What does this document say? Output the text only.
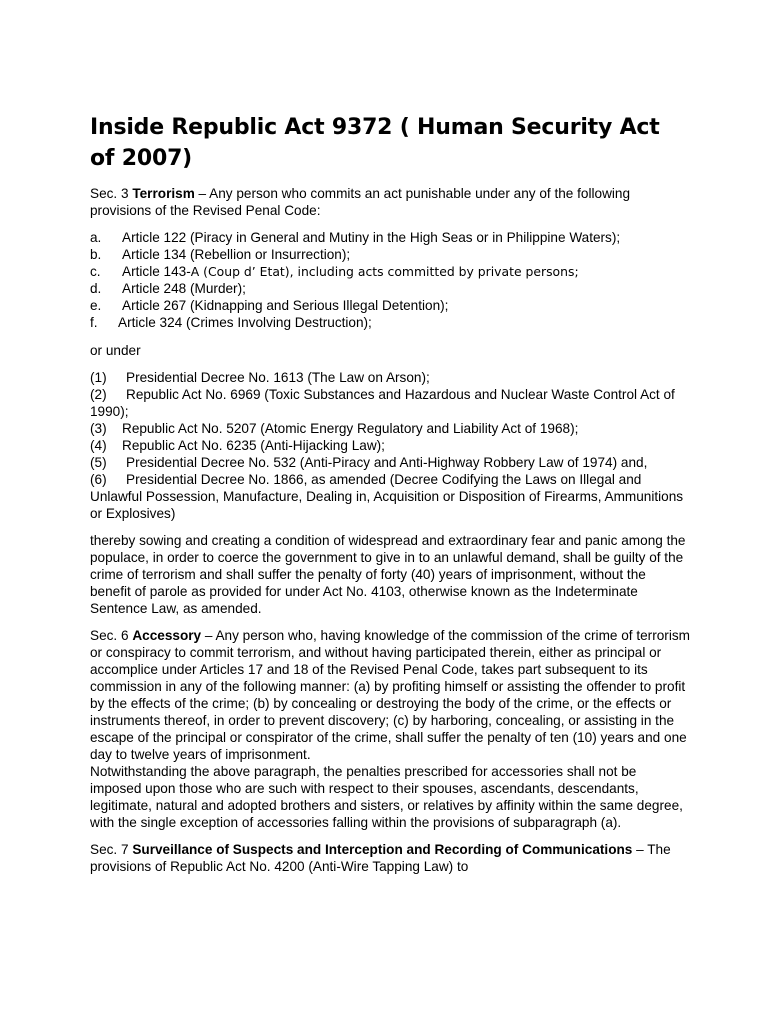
Inside Republic Act 9372 ( Human Security Act of 2007)

Sec. 3 Terrorism – Any person who commits an act punishable under any of the following provisions of the Revised Penal Code:

a. Article 122 (Piracy in General and Mutiny in the High Seas or in Philippine Waters);
b. Article 134 (Rebellion or Insurrection);
c. Article 143-A (Coup d’ Etat), including acts committed by private persons;
d. Article 248 (Murder);
e. Article 267 (Kidnapping and Serious Illegal Detention);
f. Article 324 (Crimes Involving Destruction);

or under

(1) Presidential Decree No. 1613 (The Law on Arson);
(2) Republic Act No. 6969 (Toxic Substances and Hazardous and Nuclear Waste Control Act of 1990);
(3) Republic Act No. 5207 (Atomic Energy Regulatory and Liability Act of 1968);
(4) Republic Act No. 6235 (Anti-Hijacking Law);
(5) Presidential Decree No. 532 (Anti-Piracy and Anti-Highway Robbery Law of 1974) and,
(6) Presidential Decree No. 1866, as amended (Decree Codifying the Laws on Illegal and Unlawful Possession, Manufacture, Dealing in, Acquisition or Disposition of Firearms, Ammunitions or Explosives)

thereby sowing and creating a condition of widespread and extraordinary fear and panic among the populace, in order to coerce the government to give in to an unlawful demand, shall be guilty of the crime of terrorism and shall suffer the penalty of forty (40) years of imprisonment, without the benefit of parole as provided for under Act No. 4103, otherwise known as the Indeterminate Sentence Law, as amended.

Sec. 6 Accessory – Any person who, having knowledge of the commission of the crime of terrorism or conspiracy to commit terrorism, and without having participated therein, either as principal or accomplice under Articles 17 and 18 of the Revised Penal Code, takes part subsequent to its commission in any of the following manner: (a) by profiting himself or assisting the offender to profit by the effects of the crime; (b) by concealing or destroying the body of the crime, or the effects or instruments thereof, in order to prevent discovery; (c) by harboring, concealing, or assisting in the escape of the principal or conspirator of the crime, shall suffer the penalty of ten (10) years and one day to twelve years of imprisonment.

Notwithstanding the above paragraph, the penalties prescribed for accessories shall not be imposed upon those who are such with respect to their spouses, ascendants, descendants, legitimate, natural and adopted brothers and sisters, or relatives by affinity within the same degree, with the single exception of accessories falling within the provisions of subparagraph (a).

Sec. 7 Surveillance of Suspects and Interception and Recording of Communications – The provisions of Republic Act No. 4200 (Anti-Wire Tapping Law) to
